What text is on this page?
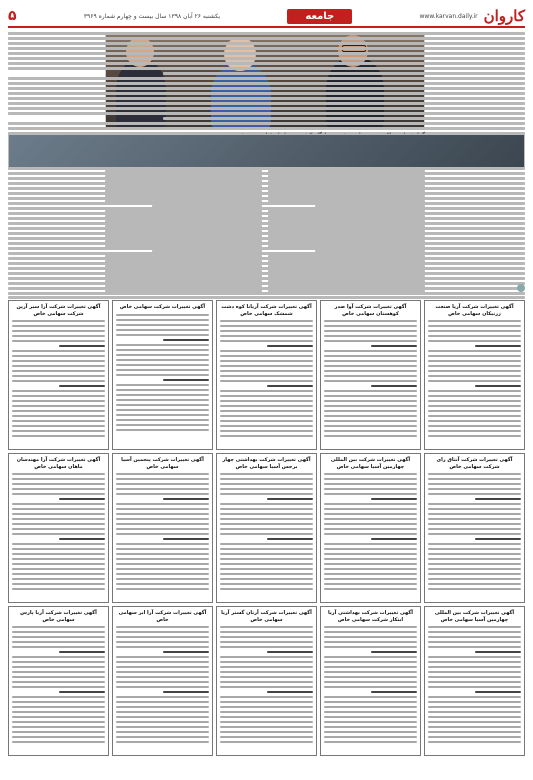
کاروان
www.karvan.daily.ir
جامعه
یکشنبه ۲۶ آبان ۱۳۹۸ سال بیست و چهارم شماره ۳۹۶۹
۵
آگهی تغییرات شرکت آریا صنعت زرنیکان سهامی خاص
آگهی تغییرات شرکت آوا صدر کوهستان سهامی خاص
آگهی تغییرات شرکت آریانا کوه دشت شمشک سهامی خاص
آگهی تغییرات شرکت سهامی خاص
آگهی تغییرات شرکت آرا سیر آرین شرکت سهامی خاص
آگهی تغییرات شرکت آنتاق رای شرکت سهامی خاص
آگهی تغییرات شرکت بین المللی چهارمین آسیا سهامی خاص
آگهی تغییرات شرکت بهداشتی چهار برجس آسیا سهامی خاص
آگهی تغییرات شرکت پنجمین آسیا سهامی خاص
آگهی تغییرات شرکت آرا مهندسان ماهان سهامی خاص
آگهی تغییرات شرکت بین المللی چهارمین آسیا سهامی خاص
آگهی تغییرات شرکت بهداشتی آریا ابتکار شرکت سهامی خاص
آگهی تغییرات شرکت آرتان گستر آریا سهامی خاص
آگهی تغییرات شرکت آرا ابر سهامی خاص
آگهی تغییرات شرکت آریا پارس سهامی خاص
